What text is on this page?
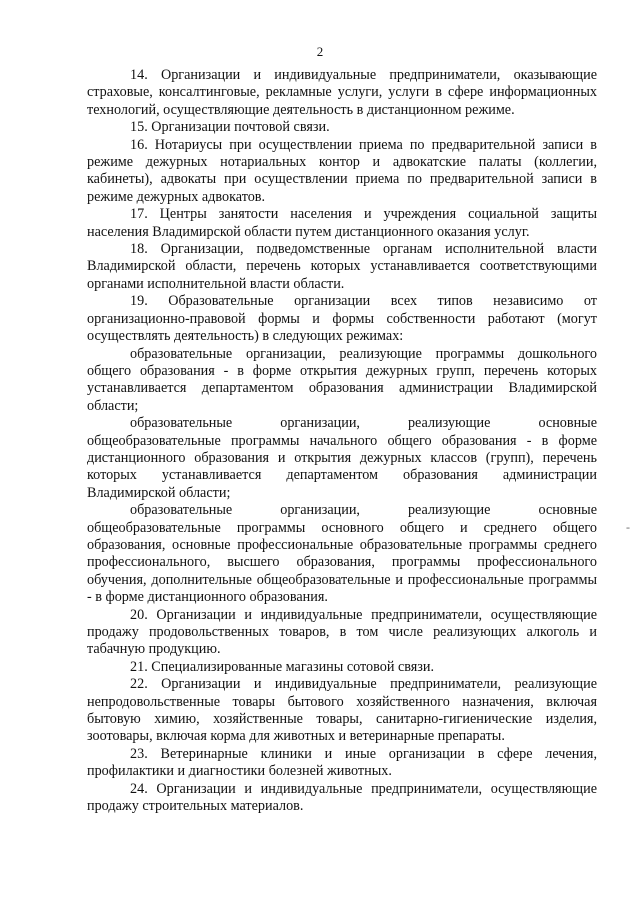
2

14. Организации и индивидуальные предприниматели, оказывающие страховые, консалтинговые, рекламные услуги, услуги в сфере информационных технологий, осуществляющие деятельность в дистанционном режиме.

15. Организации почтовой связи.

16. Нотариусы при осуществлении приема по предварительной записи в режиме дежурных нотариальных контор и адвокатские палаты (коллегии, кабинеты), адвокаты при осуществлении приема по предварительной записи в режиме дежурных адвокатов.

17. Центры занятости населения и учреждения социальной защиты населения Владимирской области путем дистанционного оказания услуг.

18. Организации, подведомственные органам исполнительной власти Владимирской области, перечень которых устанавливается соответствующими органами исполнительной власти области.

19. Образовательные организации всех типов независимо от организационно-правовой формы и формы собственности работают (могут осуществлять деятельность) в следующих режимах:

образовательные организации, реализующие программы дошкольного общего образования - в форме открытия дежурных групп, перечень которых устанавливается департаментом образования администрации Владимирской области;

образовательные организации, реализующие основные общеобразовательные программы начального общего образования - в форме дистанционного образования и открытия дежурных классов (групп), перечень которых устанавливается департаментом образования администрации Владимирской области;

образовательные организации, реализующие основные общеобразовательные программы основного общего и среднего общего образования, основные профессиональные образовательные программы среднего профессионального, высшего образования, программы профессионального обучения, дополнительные общеобразовательные и профессиональные программы - в форме дистанционного образования.

20. Организации и индивидуальные предприниматели, осуществляющие продажу продовольственных товаров, в том числе реализующих алкоголь и табачную продукцию.

21. Специализированные магазины сотовой связи.

22. Организации и индивидуальные предприниматели, реализующие непродовольственные товары бытового хозяйственного назначения, включая бытовую химию, хозяйственные товары, санитарно-гигиенические изделия, зоотовары, включая корма для животных и ветеринарные препараты.

23. Ветеринарные клиники и иные организации в сфере лечения, профилактики и диагностики болезней животных.

24. Организации и индивидуальные предприниматели, осуществляющие продажу строительных материалов.

-
